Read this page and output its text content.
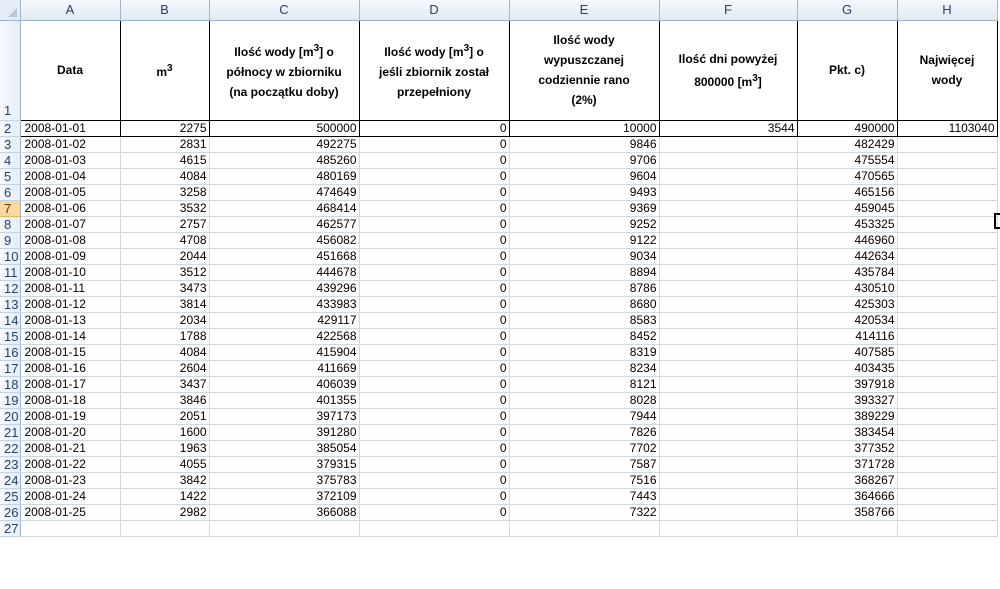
	A	B	C	D	E	F	G	H
1	Data	$m^3$	Ilość wody $[m^3]$ o
północy w zbiorniku
(na początku doby)	Ilość wody $[m^3]$ o
jeśli zbiornik został
przepełniony	Ilość wody
wypuszczanej
codziennie rano
(2%)	Ilość dni powyżej
800000 $[m^3]$	Pkt. c)	Najwięcej
wody
2	2008-01-01	2275	500000	0	10000	3544	490000	1103040
3	2008-01-02	2831	492275	0	9846		482429	
4	2008-01-03	4615	485260	0	9706		475554	
5	2008-01-04	4084	480169	0	9604		470565	
6	2008-01-05	3258	474649	0	9493		465156	
7	2008-01-06	3532	468414	0	9369		459045	
8	2008-01-07	2757	462577	0	9252		453325	
9	2008-01-08	4708	456082	0	9122		446960	
10	2008-01-09	2044	451668	0	9034		442634	
11	2008-01-10	3512	444678	0	8894		435784	
12	2008-01-11	3473	439296	0	8786		430510	
13	2008-01-12	3814	433983	0	8680		425303	
14	2008-01-13	2034	429117	0	8583		420534	
15	2008-01-14	1788	422568	0	8452		414116	
16	2008-01-15	4084	415904	0	8319		407585	
17	2008-01-16	2604	411669	0	8234		403435	
18	2008-01-17	3437	406039	0	8121		397918	
19	2008-01-18	3846	401355	0	8028		393327	
20	2008-01-19	2051	397173	0	7944		389229	
21	2008-01-20	1600	391280	0	7826		383454	
22	2008-01-21	1963	385054	0	7702		377352	
23	2008-01-22	4055	379315	0	7587		371728	
24	2008-01-23	3842	375783	0	7516		368267	
25	2008-01-24	1422	372109	0	7443		364666	
26	2008-01-25	2982	366088	0	7322		358766	
27								
